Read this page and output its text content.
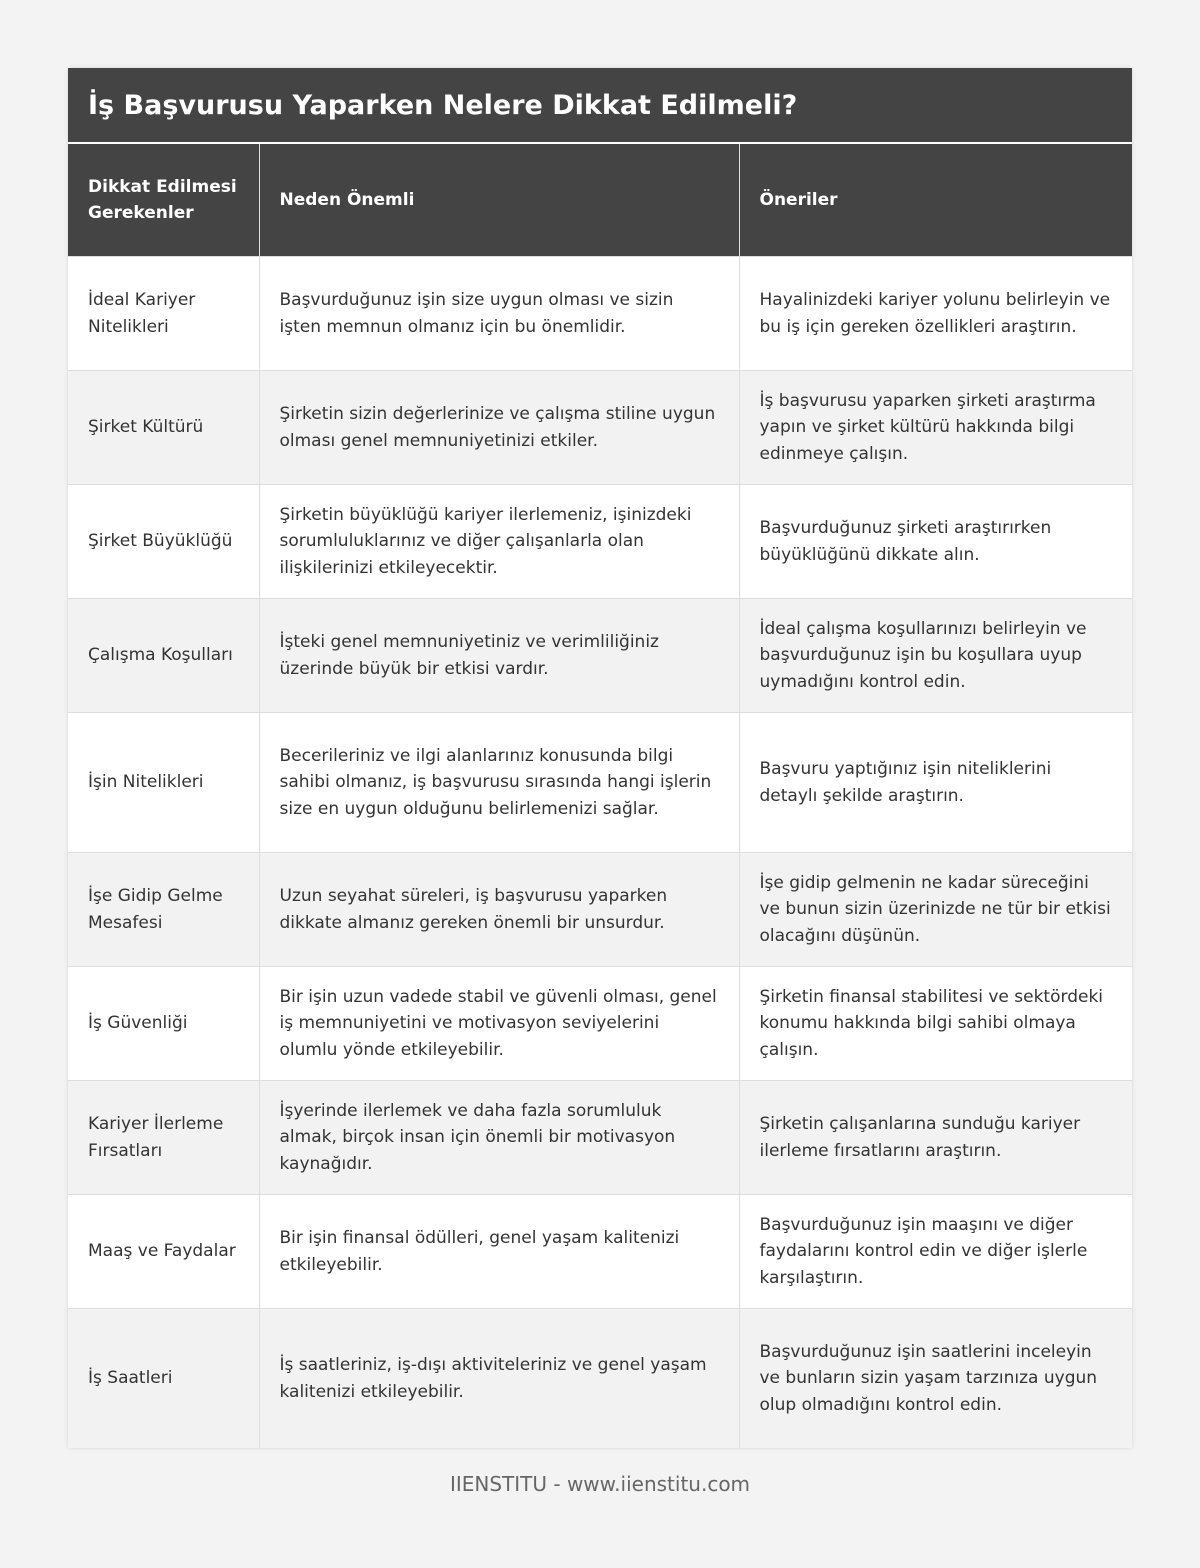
İş Başvurusu Yaparken Nelere Dikkat Edilmeli?
Dikkat Edilmesi Gerekenler	Neden Önemli	Öneriler
İdeal Kariyer Nitelikleri	Başvurduğunuz işin size uygun olması ve sizin işten memnun olmanız için bu önemlidir.	Hayalinizdeki kariyer yolunu belirleyin ve bu iş için gereken özellikleri araştırın.
Şirket Kültürü	Şirketin sizin değerlerinize ve çalışma stiline uygun olması genel memnuniyetinizi etkiler.	İş başvurusu yaparken şirketi araştırma yapın ve şirket kültürü hakkında bilgi edinmeye çalışın.
Şirket Büyüklüğü	Şirketin büyüklüğü kariyer ilerlemeniz, işinizdeki sorumluluklarınız ve diğer çalışanlarla olan ilişkilerinizi etkileyecektir.	Başvurduğunuz şirketi araştırırken büyüklüğünü dikkate alın.
Çalışma Koşulları	İşteki genel memnuniyetiniz ve verimliliğiniz üzerinde büyük bir etkisi vardır.	İdeal çalışma koşullarınızı belirleyin ve başvurduğunuz işin bu koşullara uyup uymadığını kontrol edin.
İşin Nitelikleri	Becerileriniz ve ilgi alanlarınız konusunda bilgi sahibi olmanız, iş başvurusu sırasında hangi işlerin size en uygun olduğunu belirlemenizi sağlar.	Başvuru yaptığınız işin niteliklerini detaylı şekilde araştırın.
İşe Gidip Gelme Mesafesi	Uzun seyahat süreleri, iş başvurusu yaparken dikkate almanız gereken önemli bir unsurdur.	İşe gidip gelmenin ne kadar süreceğini ve bunun sizin üzerinizde ne tür bir etkisi olacağını düşünün.
İş Güvenliği	Bir işin uzun vadede stabil ve güvenli olması, genel iş memnuniyetini ve motivasyon seviyelerini olumlu yönde etkileyebilir.	Şirketin finansal stabilitesi ve sektördeki konumu hakkında bilgi sahibi olmaya çalışın.
Kariyer İlerleme Fırsatları	İşyerinde ilerlemek ve daha fazla sorumluluk almak, birçok insan için önemli bir motivasyon kaynağıdır.	Şirketin çalışanlarına sunduğu kariyer ilerleme fırsatlarını araştırın.
Maaş ve Faydalar	Bir işin finansal ödülleri, genel yaşam kalitenizi etkileyebilir.	Başvurduğunuz işin maaşını ve diğer faydalarını kontrol edin ve diğer işlerle karşılaştırın.
İş Saatleri	İş saatleriniz, iş-dışı aktiviteleriniz ve genel yaşam kalitenizi etkileyebilir.	Başvurduğunuz işin saatlerini inceleyin ve bunların sizin yaşam tarzınıza uygun olup olmadığını kontrol edin.
IIENSTITU - www.iienstitu.com
